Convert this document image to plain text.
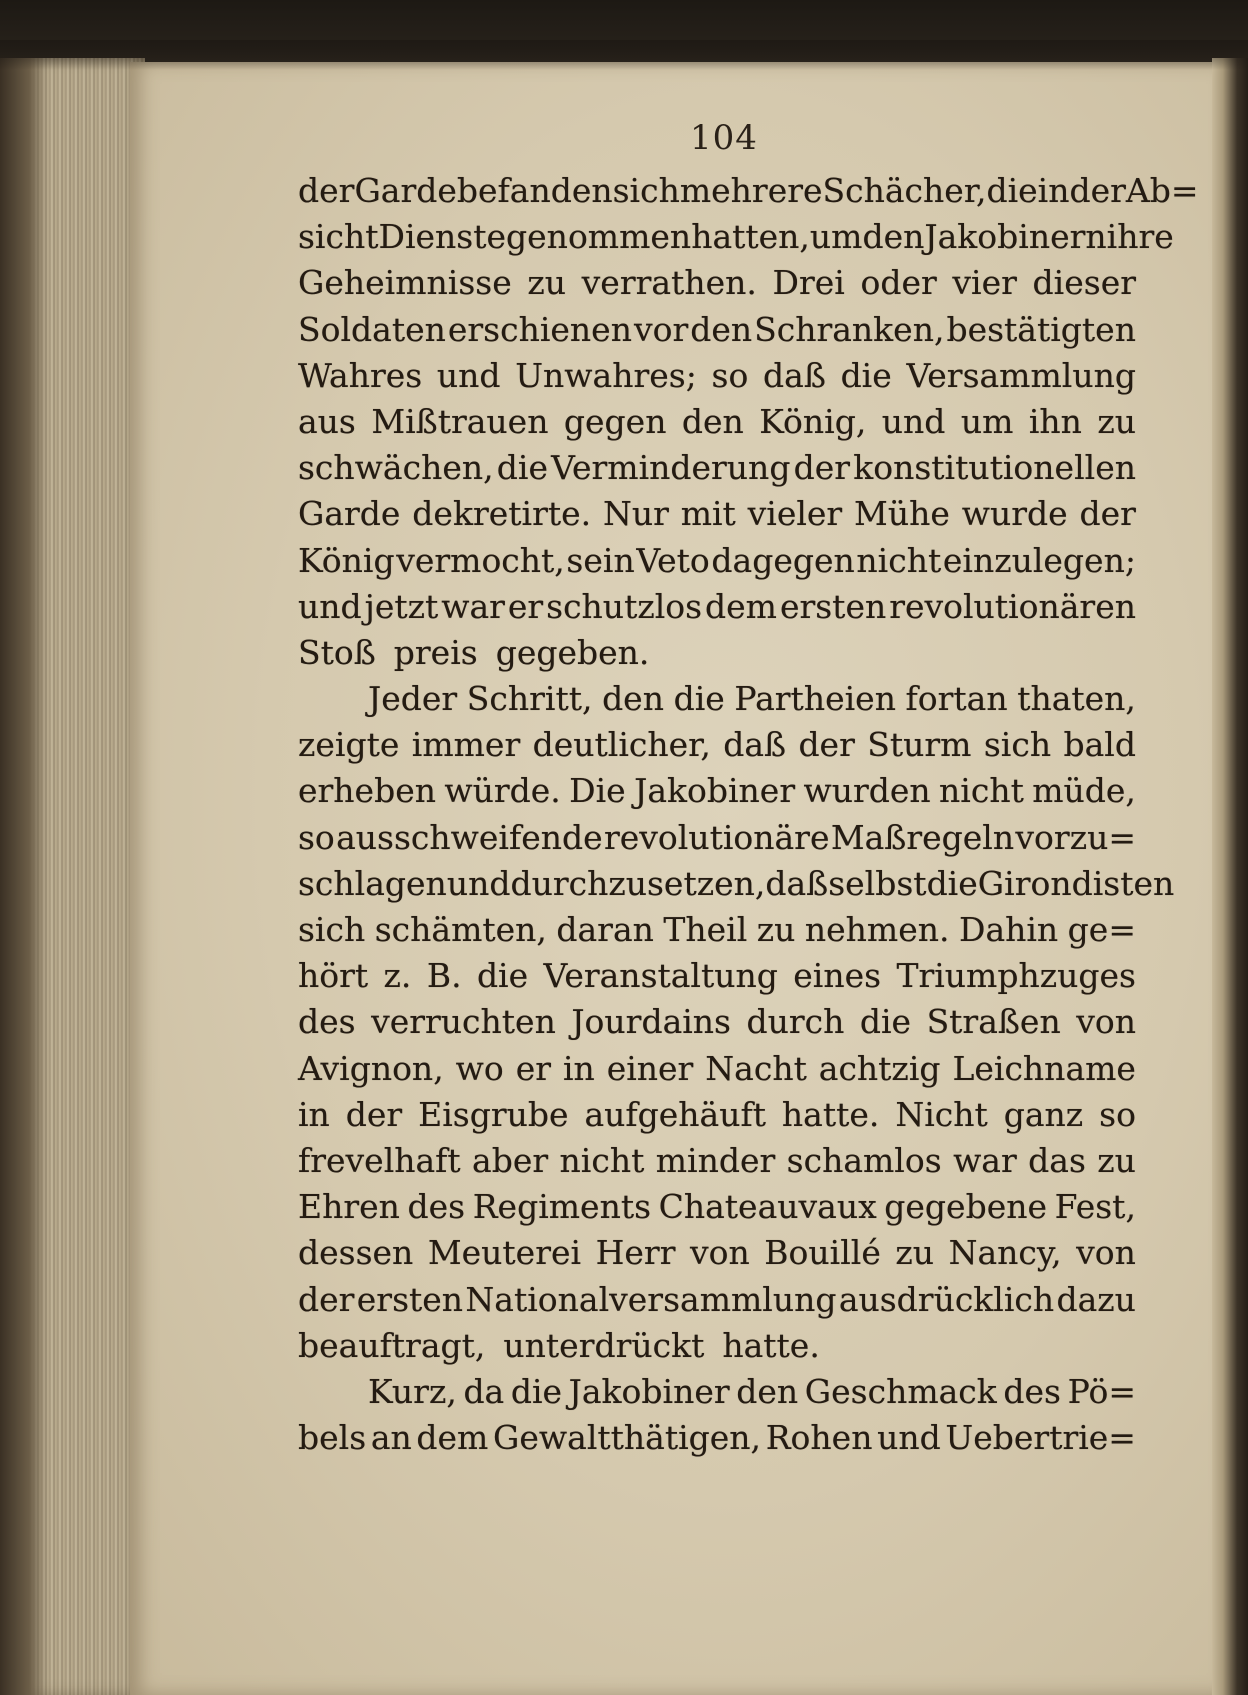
104
der Garde befanden sich mehrere Schächer, die in der Ab=
sicht Dienste genommen hatten, um den Jakobinern ihre
Geheimnisse zu verrathen. Drei oder vier dieser
Soldaten erschienen vor den Schranken, bestätigten
Wahres und Unwahres; so daß die Versammlung
aus Mißtrauen gegen den König, und um ihn zu
schwächen, die Verminderung der konstitutionellen
Garde dekretirte. Nur mit vieler Mühe wurde der
König vermocht, sein Veto dagegen nicht einzulegen;
und jetzt war er schutzlos dem ersten revolutionären
Stoß preis gegeben.
Jeder Schritt, den die Partheien fortan thaten,
zeigte immer deutlicher, daß der Sturm sich bald
erheben würde. Die Jakobiner wurden nicht müde,
so ausschweifende revolutionäre Maßregeln vorzu=
schlagen und durchzusetzen, daß selbst die Girondisten
sich schämten, daran Theil zu nehmen. Dahin ge=
hört z. B. die Veranstaltung eines Triumphzuges
des verruchten Jourdains durch die Straßen von
Avignon, wo er in einer Nacht achtzig Leichname
in der Eisgrube aufgehäuft hatte. Nicht ganz so
frevelhaft aber nicht minder schamlos war das zu
Ehren des Regiments Chateauvaux gegebene Fest,
dessen Meuterei Herr von Bouillé zu Nancy, von
der ersten Nationalversammlung ausdrücklich dazu
beauftragt, unterdrückt hatte.
Kurz, da die Jakobiner den Geschmack des Pö=
bels an dem Gewaltthätigen, Rohen und Uebertrie=
